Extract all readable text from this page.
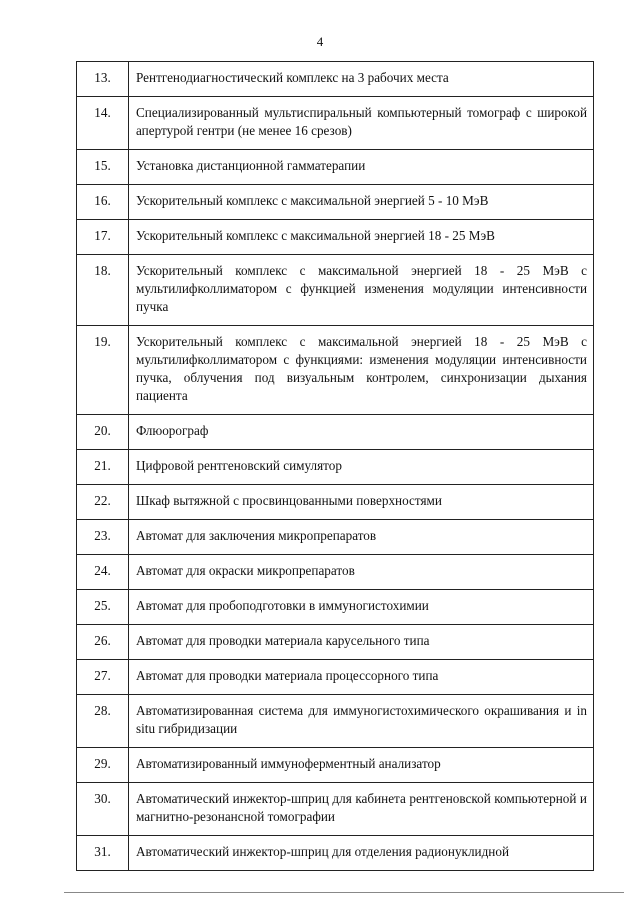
4
13.	Рентгенодиагностический комплекс на 3 рабочих места
14.	Специализированный мультиспиральный компьютерный томограф с широкой апертурой гентри (не менее 16 срезов)
15.	Установка дистанционной гамматерапии
16.	Ускорительный комплекс с максимальной энергией 5 - 10 МэВ
17.	Ускорительный комплекс с максимальной энергией 18 - 25 МэВ
18.	Ускорительный комплекс с максимальной энергией 18 - 25 МэВ с мультилифколлиматором с функцией изменения модуляции интенсивности пучка
19.	Ускорительный комплекс с максимальной энергией 18 - 25 МэВ с мультилифколлиматором с функциями: изменения модуляции интенсивности пучка, облучения под визуальным контролем, синхронизации дыхания пациента
20.	Флюорограф
21.	Цифровой рентгеновский симулятор
22.	Шкаф вытяжной с просвинцованными поверхностями
23.	Автомат для заключения микропрепаратов
24.	Автомат для окраски микропрепаратов
25.	Автомат для пробоподготовки в иммуногистохимии
26.	Автомат для проводки материала карусельного типа
27.	Автомат для проводки материала процессорного типа
28.	Автоматизированная система для иммуногистохимического окрашивания и in situ гибридизации
29.	Автоматизированный иммуноферментный анализатор
30.	Автоматический инжектор-шприц для кабинета рентгеновской компьютерной и магнитно-резонансной томографии
31.	Автоматический инжектор-шприц для отделения радионуклидной
